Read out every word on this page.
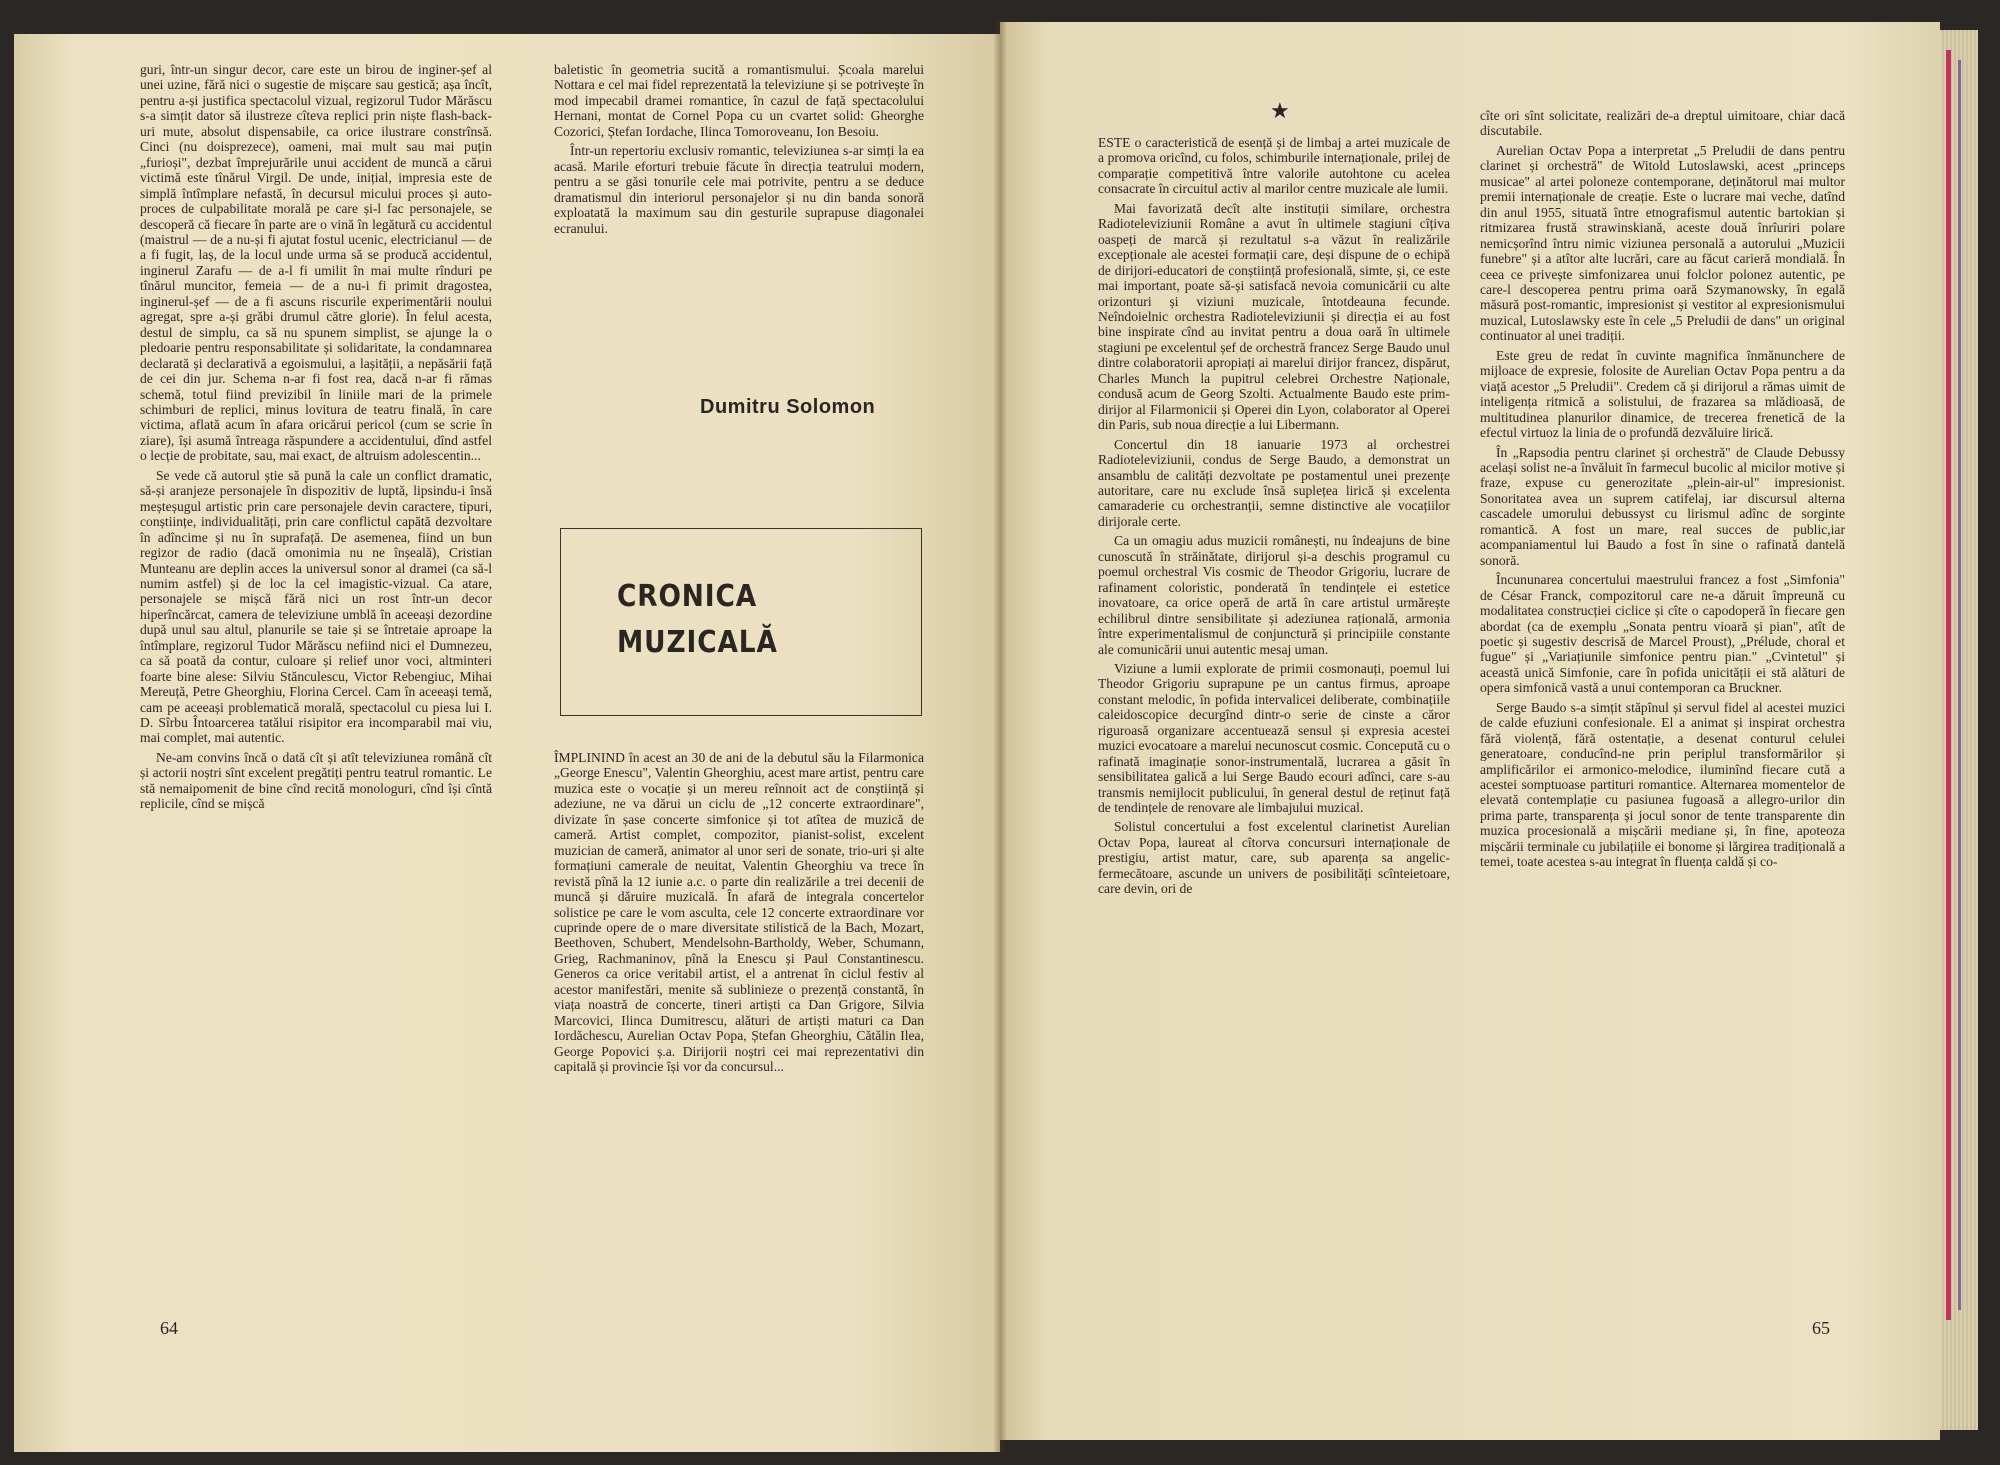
guri, într-un singur decor, care este un birou de inginer-șef al unei uzine, fără nici o sugestie de mișcare sau gestică; așa încît, pentru a-și justifica spectacolul vizual, regizorul Tudor Mărăscu s-a simțit dator să ilustreze cîteva replici prin niște flash-back-uri mute, absolut dispensabile, ca orice ilustrare constrînsă. Cinci (nu doisprezece), oameni, mai mult sau mai puțin „furioși", dezbat împrejurările unui accident de muncă a cărui victimă este tînărul Virgil. De unde, inițial, impresia este de simplă întîmplare nefastă, în decursul micului proces și auto-proces de culpabilitate morală pe care și-l fac personajele, se descoperă că fiecare în parte are o vină în legătură cu accidentul (maistrul — de a nu-și fi ajutat fostul ucenic, electricianul — de a fi fugit, laș, de la locul unde urma să se producă accidentul, inginerul Zarafu — de a-l fi umilit în mai multe rînduri pe tînărul muncitor, femeia — de a nu-i fi primit dragostea, inginerul-șef — de a fi ascuns riscurile experimentării noului agregat, spre a-și grăbi drumul către glorie). În felul acesta, destul de simplu, ca să nu spunem simplist, se ajunge la o pledoarie pentru responsabilitate și solidaritate, la condamnarea declarată și declarativă a egoismului, a lașității, a nepăsării față de cei din jur. Schema n-ar fi fost rea, dacă n-ar fi rămas schemă, totul fiind previzibil în liniile mari de la primele schimburi de replici, minus lovitura de teatru finală, în care victima, aflată acum în afara oricărui pericol (cum se scrie în ziare), își asumă întreaga răspundere a accidentului, dînd astfel o lecție de probitate, sau, mai exact, de altruism adolescentin...

Se vede că autorul știe să pună la cale un conflict dramatic, să-și aranjeze personajele în dispozitiv de luptă, lipsindu-i însă meșteșugul artistic prin care personajele devin caractere, tipuri, conștiințe, individualități, prin care conflictul capătă dezvoltare în adîncime și nu în suprafață. De asemenea, fiind un bun regizor de radio (dacă omonimia nu ne înșeală), Cristian Munteanu are deplin acces la universul sonor al dramei (ca să-l numim astfel) și de loc la cel imagistic-vizual. Ca atare, personajele se mișcă fără nici un rost într-un decor hiperîncărcat, camera de televiziune umblă în aceeași dezordine după unul sau altul, planurile se taie și se întretaie aproape la întîmplare, regizorul Tudor Mărăscu nefiind nici el Dumnezeu, ca să poată da contur, culoare și relief unor voci, altminteri foarte bine alese: Silviu Stănculescu, Victor Rebengiuc, Mihai Mereuță, Petre Gheorghiu, Florina Cercel. Cam în aceeași temă, cam pe aceeași problematică morală, spectacolul cu piesa lui I. D. Sîrbu Întoarcerea tatălui risipitor era incomparabil mai viu, mai complet, mai autentic.

Ne-am convins încă o dată cît și atît televiziunea română cît și actorii noștri sînt excelent pregătiți pentru teatrul romantic. Le stă nemaipomenit de bine cînd recită monologuri, cînd își cîntă replicile, cînd se mișcă

baletistic în geometria sucită a romantismului. Școala marelui Nottara e cel mai fidel reprezentată la televiziune și se potrivește în mod impecabil dramei romantice, în cazul de față spectacolului Hernani, montat de Cornel Popa cu un cvartet solid: Gheorghe Cozorici, Ștefan Iordache, Ilinca Tomoroveanu, Ion Besoiu.

Într-un repertoriu exclusiv romantic, televiziunea s-ar simți la ea acasă. Marile eforturi trebuie făcute în direcția teatrului modern, pentru a se găsi tonurile cele mai potrivite, pentru a se deduce dramatismul din interiorul personajelor și nu din banda sonoră exploatată la maximum sau din gesturile suprapuse diagonalei ecranului.

Dumitru Solomon
CRONICA
MUZICALĂ

ÎMPLININD în acest an 30 de ani de la debutul său la Filarmonica „George Enescu", Valentin Gheorghiu, acest mare artist, pentru care muzica este o vocație și un mereu reînnoit act de conștiință și adeziune, ne va dărui un ciclu de „12 concerte extraordinare", divizate în șase concerte simfonice și tot atîtea de muzică de cameră. Artist complet, compozitor, pianist-solist, excelent muzician de cameră, animator al unor seri de sonate, trio-uri și alte formațiuni camerale de neuitat, Valentin Gheorghiu va trece în revistă pînă la 12 iunie a.c. o parte din realizările a trei decenii de muncă și dăruire muzicală. În afară de integrala concertelor solistice pe care le vom asculta, cele 12 concerte extraordinare vor cuprinde opere de o mare diversitate stilistică de la Bach, Mozart, Beethoven, Schubert, Mendelsohn-Bartholdy, Weber, Schumann, Grieg, Rachmaninov, pînă la Enescu și Paul Constantinescu. Generos ca orice veritabil artist, el a antrenat în ciclul festiv al acestor manifestări, menite să sublinieze o prezență constantă, în viața noastră de concerte, tineri artiști ca Dan Grigore, Silvia Marcovici, Ilinca Dumitrescu, alături de artiști maturi ca Dan Iordăchescu, Aurelian Octav Popa, Ștefan Gheorghiu, Cătălin Ilea, George Popovici ș.a. Dirijorii noștri cei mai reprezentativi din capitală și provincie își vor da concursul...

64
★

ESTE o caracteristică de esență și de limbaj a artei muzicale de a promova oricînd, cu folos, schimburile internaționale, prilej de comparație competitivă între valorile autohtone cu acelea consacrate în circuitul activ al marilor centre muzicale ale lumii.

Mai favorizată decît alte instituții similare, orchestra Radioteleviziunii Române a avut în ultimele stagiuni cîțiva oaspeți de marcă și rezultatul s-a văzut în realizările excepționale ale acestei formații care, deși dispune de o echipă de dirijori-educatori de conștiință profesională, simte, și, ce este mai important, poate să-și satisfacă nevoia comunicării cu alte orizonturi și viziuni muzicale, întotdeauna fecunde. Neîndoielnic orchestra Radioteleviziunii și direcția ei au fost bine inspirate cînd au invitat pentru a doua oară în ultimele stagiuni pe excelentul șef de orchestră francez Serge Baudo unul dintre colaboratorii apropiați ai marelui dirijor francez, dispărut, Charles Munch la pupitrul celebrei Orchestre Naționale, condusă acum de Georg Szolti. Actualmente Baudo este prim-dirijor al Filarmonicii și Operei din Lyon, colaborator al Operei din Paris, sub noua direcție a lui Libermann.

Concertul din 18 ianuarie 1973 al orchestrei Radioteleviziunii, condus de Serge Baudo, a demonstrat un ansamblu de calități dezvoltate pe postamentul unei prezențe autoritare, care nu exclude însă suplețea lirică și excelenta camaraderie cu orchestranții, semne distinctive ale vocațiilor dirijorale certe.

Ca un omagiu adus muzicii românești, nu îndeajuns de bine cunoscută în străinătate, dirijorul și-a deschis programul cu poemul orchestral Vis cosmic de Theodor Grigoriu, lucrare de rafinament coloristic, ponderată în tendințele ei estetice inovatoare, ca orice operă de artă în care artistul urmărește echilibrul dintre sensibilitate și adeziunea rațională, armonia între experimentalismul de conjunctură și principiile constante ale comunicării unui autentic mesaj uman.

Viziune a lumii explorate de primii cosmonauți, poemul lui Theodor Grigoriu suprapune pe un cantus firmus, aproape constant melodic, în pofida intervalicei deliberate, combinațiile caleidoscopice decurgînd dintr-o serie de cinste a căror riguroasă organizare accentuează sensul și expresia acestei muzici evocatoare a marelui necunoscut cosmic. Concepută cu o rafinată imaginație sonor-instrumentală, lucrarea a găsit în sensibilitatea galică a lui Serge Baudo ecouri adînci, care s-au transmis nemijlocit publicului, în general destul de reținut față de tendințele de renovare ale limbajului muzical.

Solistul concertului a fost excelentul clarinetist Aurelian Octav Popa, laureat al cîtorva concursuri internaționale de prestigiu, artist matur, care, sub aparența sa angelic-fermecătoare, ascunde un univers de posibilități scînteietoare, care devin, ori de

cîte ori sînt solicitate, realizări de-a dreptul uimitoare, chiar dacă discutabile.

Aurelian Octav Popa a interpretat „5 Preludii de dans pentru clarinet și orchestră" de Witold Lutoslawski, acest „princeps musicae" al artei poloneze contemporane, deținătorul mai multor premii internaționale de creație. Este o lucrare mai veche, datînd din anul 1955, situată între etnografismul autentic bartokian și ritmizarea frustă strawinskiană, aceste două înrîuriri polare nemicșorînd întru nimic viziunea personală a autorului „Muzicii funebre" și a atîtor alte lucrări, care au făcut carieră mondială. În ceea ce privește simfonizarea unui folclor polonez autentic, pe care-l descoperea pentru prima oară Szymanowsky, în egală măsură post-romantic, impresionist și vestitor al expresionismului muzical, Lutoslawsky este în cele „5 Preludii de dans" un original continuator al unei tradiții.

Este greu de redat în cuvinte magnifica înmănunchere de mijloace de expresie, folosite de Aurelian Octav Popa pentru a da viață acestor „5 Preludii". Credem că și dirijorul a rămas uimit de inteligența ritmică a solistului, de frazarea sa mlădioasă, de multitudinea planurilor dinamice, de trecerea frenetică de la efectul virtuoz la linia de o profundă dezvăluire lirică.

În „Rapsodia pentru clarinet și orchestră" de Claude Debussy același solist ne-a învăluit în farmecul bucolic al micilor motive și fraze, expuse cu generozitate „plein-air-ul" impresionist. Sonoritatea avea un suprem catifelaj, iar discursul alterna cascadele umorului debussyst cu lirismul adînc de sorginte romantică. A fost un mare, real succes de public,iar acompaniamentul lui Baudo a fost în sine o rafinată dantelă sonoră.

Încununarea concertului maestrului francez a fost „Simfonia" de César Franck, compozitorul care ne-a dăruit împreună cu modalitatea construcției ciclice și cîte o capodoperă în fiecare gen abordat (ca de exemplu „Sonata pentru vioară și pian", atît de poetic și sugestiv descrisă de Marcel Proust), „Prélude, choral et fugue" și „Variațiunile simfonice pentru pian." „Cvintetul" și această unică Simfonie, care în pofida unicității ei stă alături de opera simfonică vastă a unui contemporan ca Bruckner.

Serge Baudo s-a simțit stăpînul și servul fidel al acestei muzici de calde efuziuni confesionale. El a animat și inspirat orchestra fără violență, fără ostentație, a desenat conturul celulei generatoare, conducînd-ne prin periplul transformărilor și amplificărilor ei armonico-melodice, iluminînd fiecare cută a acestei somptuoase partituri romantice. Alternarea momentelor de elevată contemplație cu pasiunea fugoasă a allegro-urilor din prima parte, transparența și jocul sonor de tente transparente din muzica procesională a mișcării mediane și, în fine, apoteoza mișcării terminale cu jubilațiile ei bonome și lărgirea tradițională a temei, toate acestea s-au integrat în fluența caldă și co-

65
